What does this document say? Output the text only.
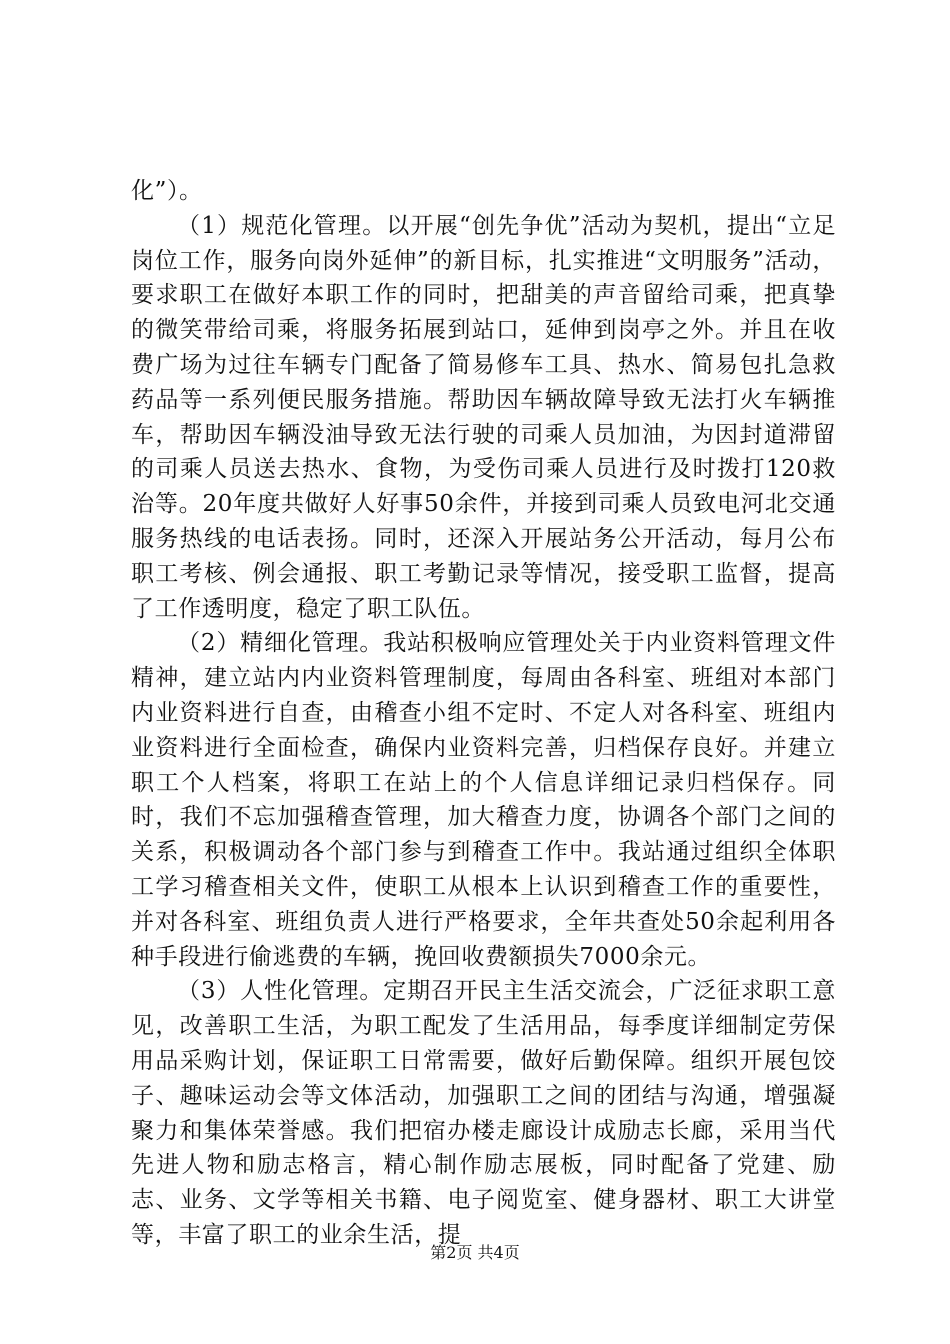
化”）。

（1）规范化管理。以开展“创先争优”活动为契机，提出“立足岗位工作，服务向岗外延伸”的新目标，扎实推进“文明服务”活动，要求职工在做好本职工作的同时，把甜美的声音留给司乘，把真挚的微笑带给司乘，将服务拓展到站口，延伸到岗亭之外。并且在收费广场为过往车辆专门配备了简易修车工具、热水、简易包扎急救药品等一系列便民服务措施。帮助因车辆故障导致无法打火车辆推车，帮助因车辆没油导致无法行驶的司乘人员加油，为因封道滞留的司乘人员送去热水、食物，为受伤司乘人员进行及时拨打120救治等。20年度共做好人好事50余件，并接到司乘人员致电河北交通服务热线的电话表扬。同时，还深入开展站务公开活动，每月公布职工考核、例会通报、职工考勤记录等情况，接受职工监督，提高了工作透明度，稳定了职工队伍。

（2）精细化管理。我站积极响应管理处关于内业资料管理文件精神，建立站内内业资料管理制度，每周由各科室、班组对本部门内业资料进行自查，由稽查小组不定时、不定人对各科室、班组内业资料进行全面检查，确保内业资料完善，归档保存良好。并建立职工个人档案，将职工在站上的个人信息详细记录归档保存。同时，我们不忘加强稽查管理，加大稽查力度，协调各个部门之间的关系，积极调动各个部门参与到稽查工作中。我站通过组织全体职工学习稽查相关文件，使职工从根本上认识到稽查工作的重要性，并对各科室、班组负责人进行严格要求，全年共查处50余起利用各种手段进行偷逃费的车辆，挽回收费额损失7000余元。

（3）人性化管理。定期召开民主生活交流会，广泛征求职工意见，改善职工生活，为职工配发了生活用品，每季度详细制定劳保用品采购计划，保证职工日常需要，做好后勤保障。组织开展包饺子、趣味运动会等文体活动，加强职工之间的团结与沟通，增强凝聚力和集体荣誉感。我们把宿办楼走廊设计成励志长廊，采用当代先进人物和励志格言，精心制作励志展板，同时配备了党建、励志、业务、文学等相关书籍、电子阅览室、健身器材、职工大讲堂等，丰富了职工的业余生活，提

第2页 共4页
